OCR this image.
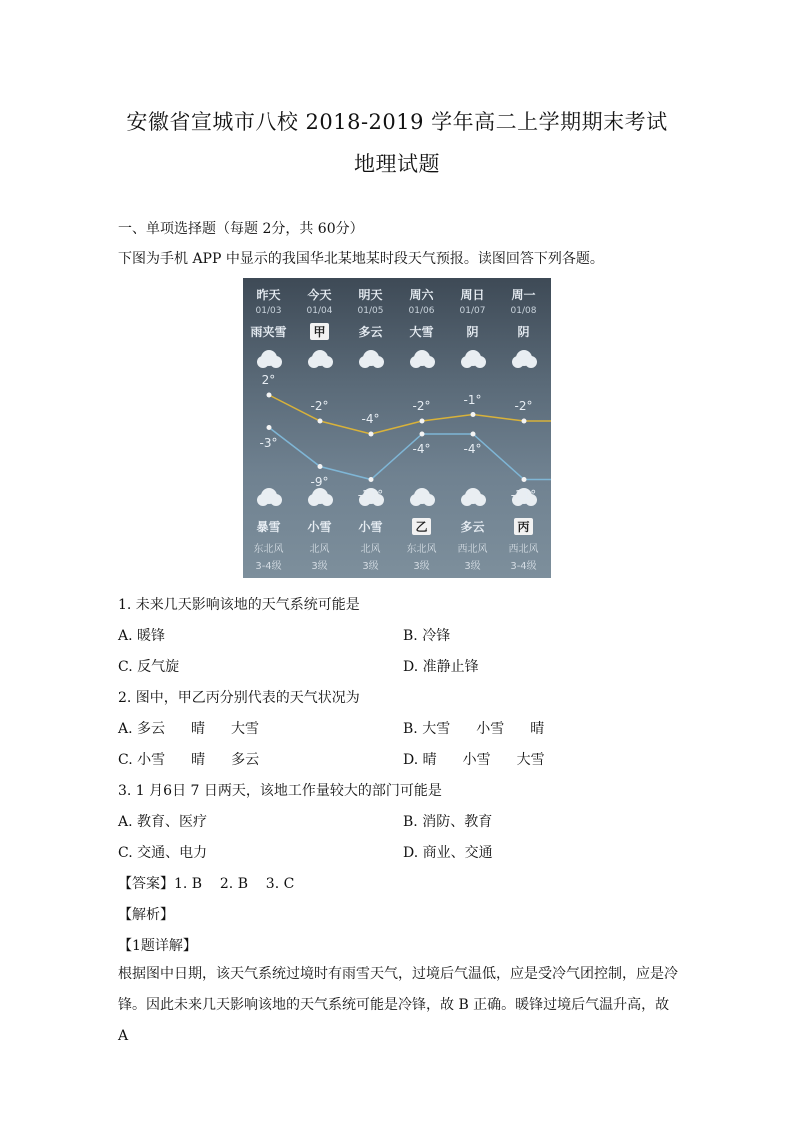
安徽省宣城市八校 2018-2019 学年高二上学期期末考试
地理试题
一、单项选择题（每题 2分，共 60分）
下图为手机 APP 中显示的我国华北某地某时段天气预报。读图回答下列各题。
昨天
01/03
雨夹雪
2°
-3°
暴雪
东北风
3-4级
今天
01/04
甲
-2°
-9°
小雪
北风
3级
明天
01/05
多云
-4°
-11°
小雪
北风
3级
周六
01/06
大雪
-2°
-4°
乙
东北风
3级
周日
01/07
阴
-1°
-4°
多云
西北风
3级
周一
01/08
阴
-2°
-11°
丙
西北风
3-4级
1. 未来几天影响该地的天气系统可能是
A. 暖锋	B. 冷锋
C. 反气旋	D. 准静止锋
2. 图中，甲乙丙分别代表的天气状况为
A. 多云 晴 大雪	B. 大雪 小雪 晴
C. 小雪 晴 多云	D. 晴 小雪 大雪
3. 1 月6日 7 日两天，该地工作量较大的部门可能是
A. 教育、医疗	B. 消防、教育
C. 交通、电力	D. 商业、交通
【答案】1. B    2. B    3. C
【解析】
【1题详解】
根据图中日期，该天气系统过境时有雨雪天气，过境后气温低，应是受冷气团控制，应是冷锋。因此未来几天影响该地的天气系统可能是冷锋，故 B 正确。暖锋过境后气温升高，故 A
